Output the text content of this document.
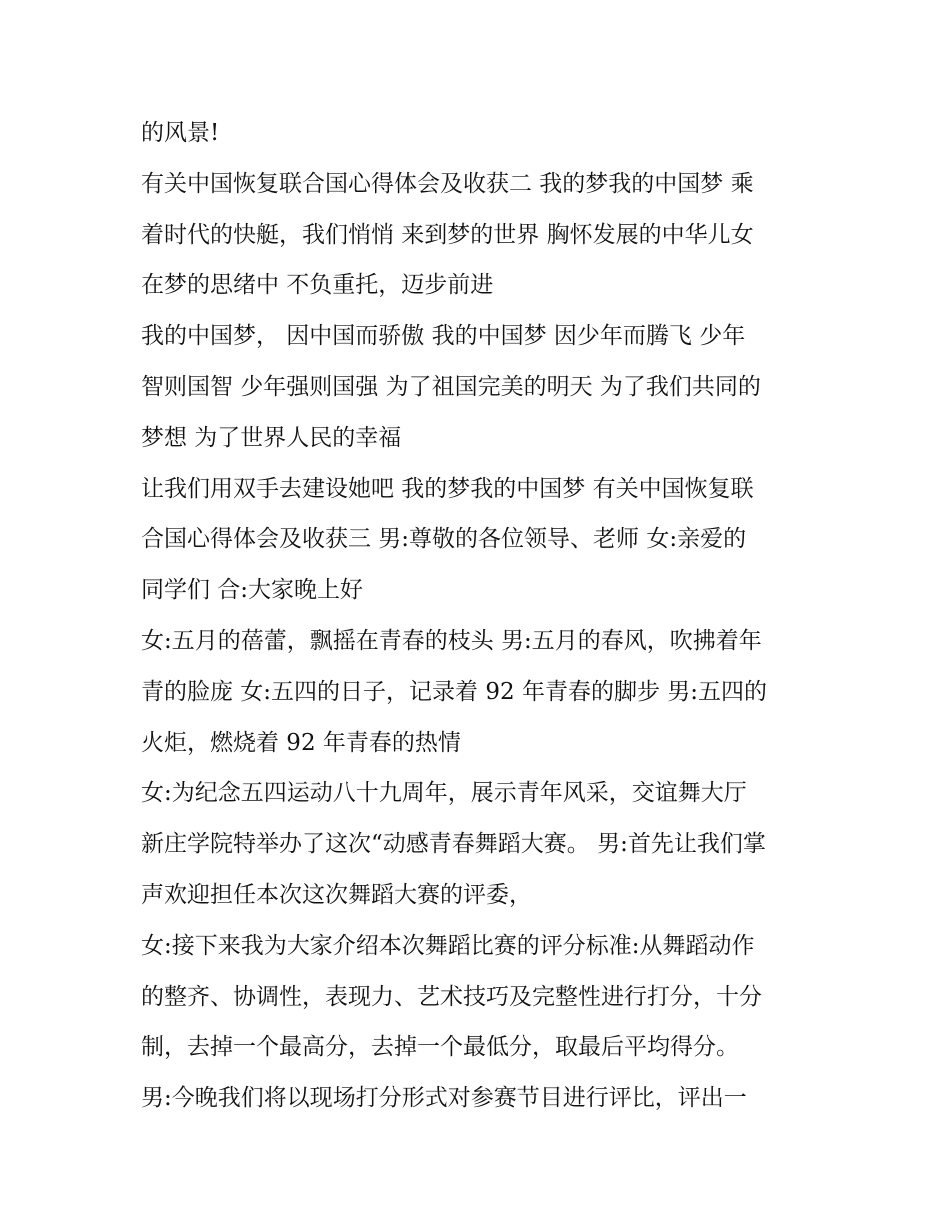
的风景!
有关中国恢复联合国心得体会及收获二 我的梦我的中国梦 乘
着时代的快艇，我们悄悄 来到梦的世界 胸怀发展的中华儿女
在梦的思绪中 不负重托，迈步前进
我的中国梦， 因中国而骄傲 我的中国梦 因少年而腾飞 少年
智则国智 少年强则国强 为了祖国完美的明天 为了我们共同的
梦想 为了世界人民的幸福
让我们用双手去建设她吧 我的梦我的中国梦 有关中国恢复联
合国心得体会及收获三 男:尊敬的各位领导、老师 女:亲爱的
同学们 合:大家晚上好
女:五月的蓓蕾，飘摇在青春的枝头 男:五月的春风，吹拂着年
青的脸庞 女:五四的日子，记录着 92 年青春的脚步 男:五四的
火炬，燃烧着 92 年青春的热情
女:为纪念五四运动八十九周年，展示青年风采，交谊舞大厅
新庄学院特举办了这次“动感青春舞蹈大赛。 男:首先让我们掌
声欢迎担任本次这次舞蹈大赛的评委，
女:接下来我为大家介绍本次舞蹈比赛的评分标准:从舞蹈动作
的整齐、协调性，表现力、艺术技巧及完整性进行打分，十分
制，去掉一个最高分，去掉一个最低分，取最后平均得分。
男:今晚我们将以现场打分形式对参赛节目进行评比，评出一
